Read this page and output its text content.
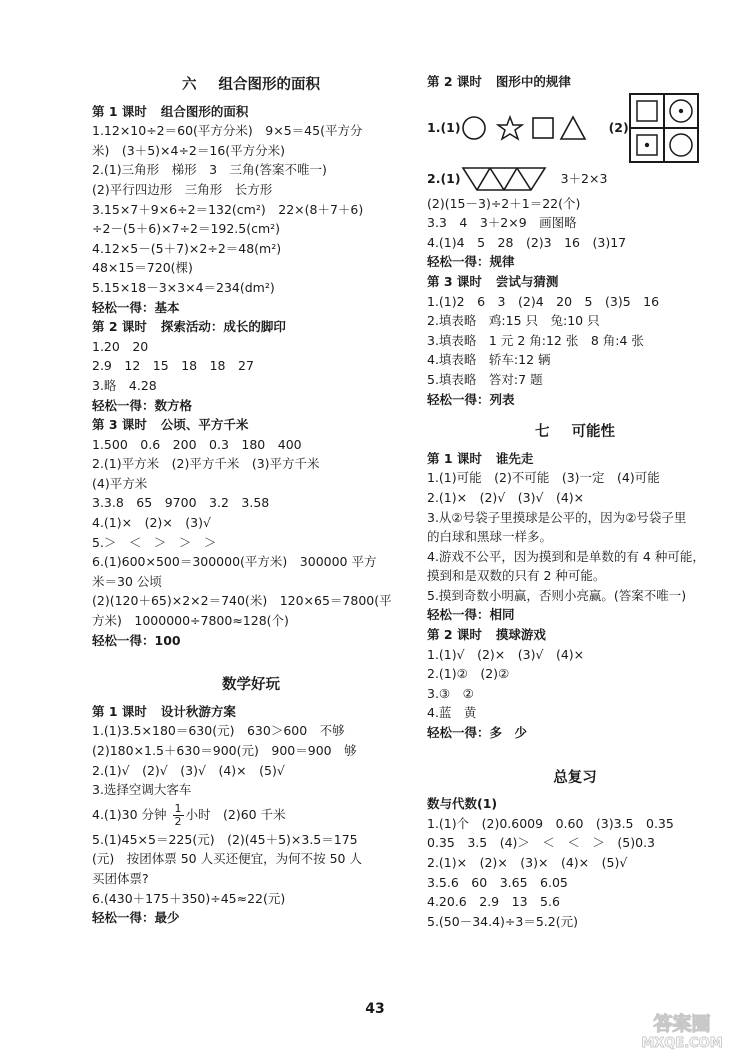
六 组合图形的面积
第 1 课时 组合图形的面积
1.12×10÷2＝60(平方分米)　9×5＝45(平方分
米)　(3＋5)×4÷2＝16(平方分米)
2.(1)三角形　梯形　3　三角(答案不唯一)
(2)平行四边形　三角形　长方形
3.15×7＋9×6÷2＝132(cm²)　22×(8＋7＋6)
÷2－(5＋6)×7÷2＝192.5(cm²)
4.12×5－(5＋7)×2÷2＝48(m²)
48×15＝720(棵)
5.15×18－3×3×4＝234(dm²)
轻松一得：基本
第 2 课时 探索活动：成长的脚印
1.20　20
2.9　12　15　18　18　27
3.略　4.28
轻松一得：数方格
第 3 课时 公顷、平方千米
1.500　0.6　200　0.3　180　400
2.(1)平方米　(2)平方千米　(3)平方千米
(4)平方米
3.3.8　65　9700　3.2　3.58
4.(1)×　(2)×　(3)√
5.＞　＜　＞　＞　＞
6.(1)600×500＝300000(平方米)　300000 平方
米＝30 公顷
(2)(120＋65)×2×2＝740(米)　120×65＝7800(平
方米)　1000000÷7800≈128(个)
轻松一得：100
数学好玩
第 1 课时 设计秋游方案
1.(1)3.5×180＝630(元)　630＞600　不够
(2)180×1.5＋630＝900(元)　900＝900　够
2.(1)√　(2)√　(3)√　(4)×　(5)√
3.选择空调大客车
4.(1)30 分钟 $\frac{1}{2}$ 小时　(2)60 千米
5.(1)45×5＝225(元)　(2)(45＋5)×3.5＝175
(元)　按团体票 50 人买还便宜，为何不按 50 人
买团体票?
6.(430＋175＋350)÷45≈22(元)
轻松一得：最少
第 2 课时 图形中的规律
1.(1)	(2)
2.(1)	3＋2×3
(2)(15－3)÷2＋1＝22(个)
3.3　4　3＋2×9　画图略
4.(1)4　5　28　(2)3　16　(3)17
轻松一得：规律
第 3 课时 尝试与猜测
1.(1)2　6　3　(2)4　20　5　(3)5　16
2.填表略　鸡:15 只　兔:10 只
3.填表略　1 元 2 角:12 张　8 角:4 张
4.填表略　轿车:12 辆
5.填表略　答对:7 题
轻松一得：列表
七 可能性
第 1 课时 谁先走
1.(1)可能　(2)不可能　(3)一定　(4)可能
2.(1)×　(2)√　(3)√　(4)×
3.从②号袋子里摸球是公平的，因为②号袋子里
的白球和黑球一样多。
4.游戏不公平，因为摸到和是单数的有 4 种可能，
摸到和是双数的只有 2 种可能。
5.摸到奇数小明赢，否则小亮赢。(答案不唯一)
轻松一得：相同
第 2 课时 摸球游戏
1.(1)√　(2)×　(3)√　(4)×
2.(1)②　(2)②
3.③　②
4.蓝　黄
轻松一得：多　少
总复习
数与代数(1)
1.(1)个　(2)0.6009　0.60　(3)3.5　0.35
0.35　3.5　(4)＞　＜　＜　＞　(5)0.3
2.(1)×　(2)×　(3)×　(4)×　(5)√
3.5.6　60　3.65　6.05
4.20.6　2.9　13　5.6
5.(50－34.4)÷3＝5.2(元)
43
答案圈
MXQE.COM
